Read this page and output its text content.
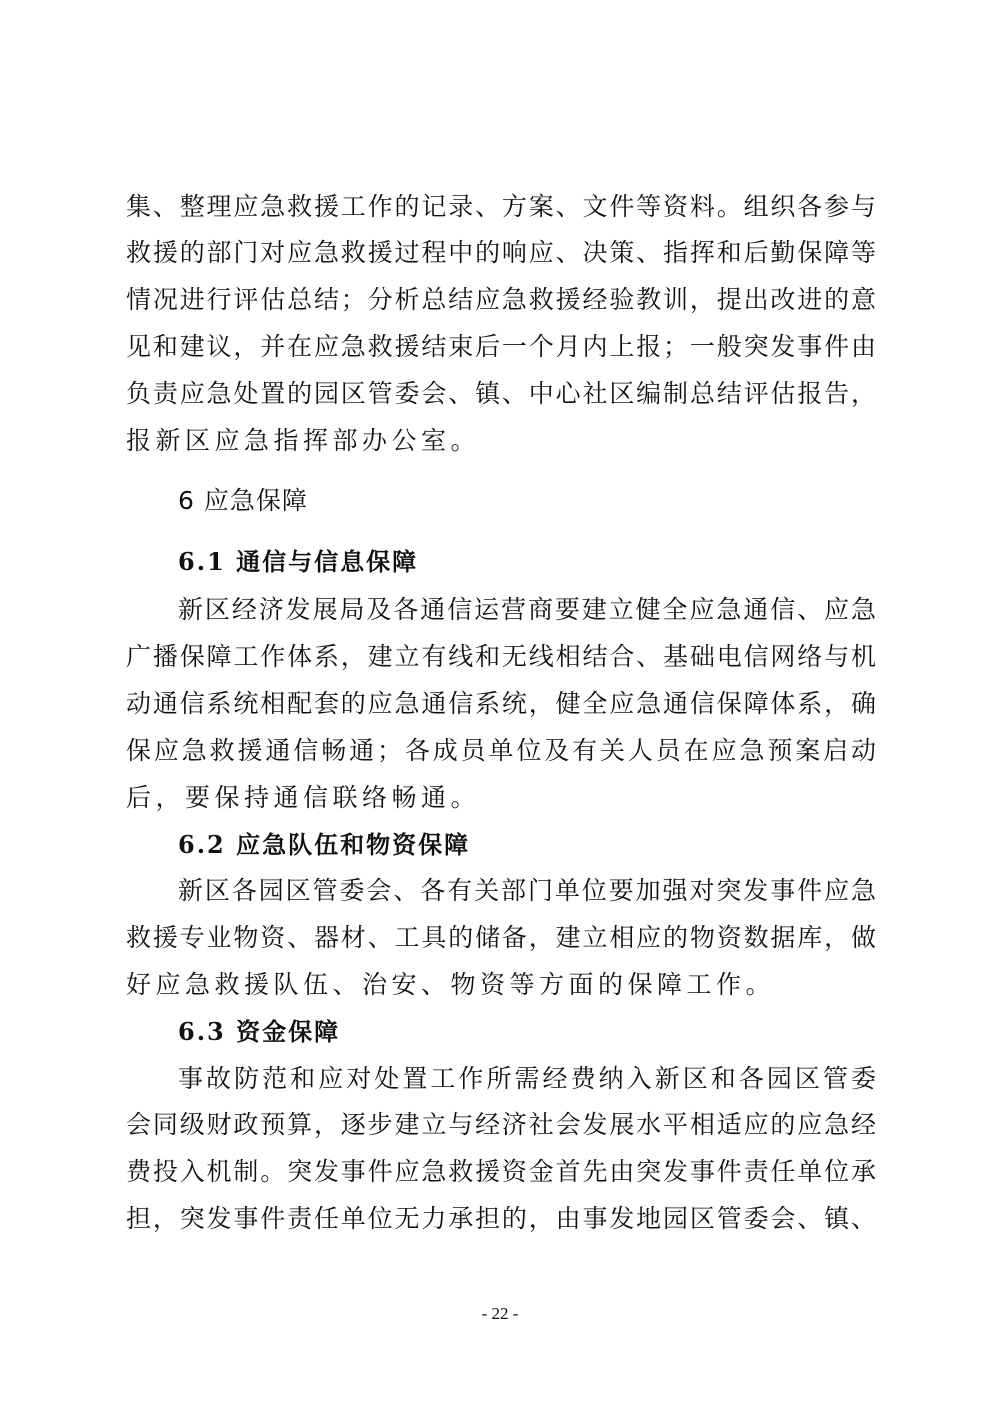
集、整理应急救援工作的记录、方案、文件等资料。组织各参与
救援的部门对应急救援过程中的响应、决策、指挥和后勤保障等
情况进行评估总结；分析总结应急救援经验教训，提出改进的意
见和建议，并在应急救援结束后一个月内上报；一般突发事件由
负责应急处置的园区管委会、镇、中心社区编制总结评估报告，
报新区应急指挥部办公室。
6 应急保障
6.1 通信与信息保障
新区经济发展局及各通信运营商要建立健全应急通信、应急
广播保障工作体系，建立有线和无线相结合、基础电信网络与机
动通信系统相配套的应急通信系统，健全应急通信保障体系，确
保应急救援通信畅通；各成员单位及有关人员在应急预案启动
后，要保持通信联络畅通。
6.2 应急队伍和物资保障
新区各园区管委会、各有关部门单位要加强对突发事件应急
救援专业物资、器材、工具的储备，建立相应的物资数据库，做
好应急救援队伍、治安、物资等方面的保障工作。
6.3 资金保障
事故防范和应对处置工作所需经费纳入新区和各园区管委
会同级财政预算，逐步建立与经济社会发展水平相适应的应急经
费投入机制。突发事件应急救援资金首先由突发事件责任单位承
担，突发事件责任单位无力承担的，由事发地园区管委会、镇、
- 22 -
